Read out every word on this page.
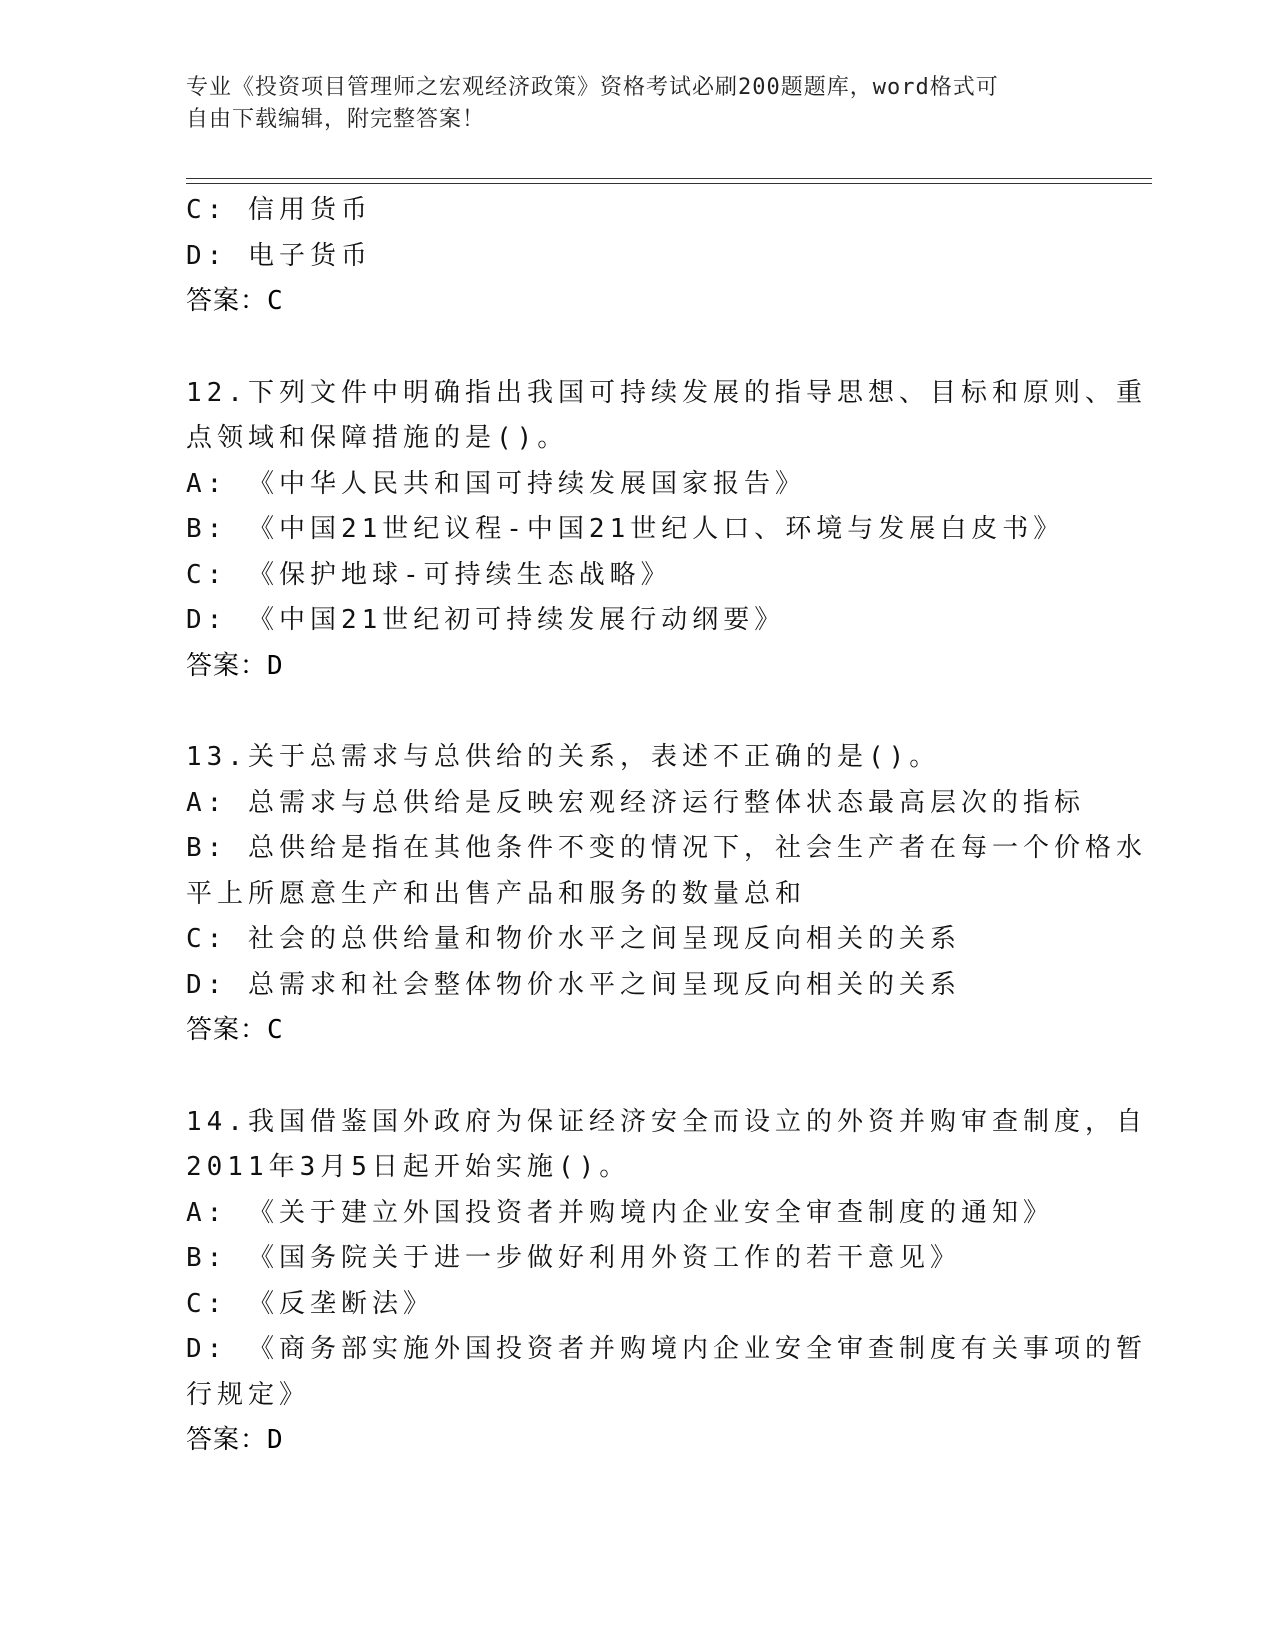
专业《投资项目管理师之宏观经济政策》资格考试必刷200题题库，word格式可
自由下载编辑，附完整答案！
C: 信用货币
D: 电子货币
答案：C
12.下列文件中明确指出我国可持续发展的指导思想、目标和原则、重
点领域和保障措施的是()。
A: 《中华人民共和国可持续发展国家报告》
B: 《中国21世纪议程-中国21世纪人口、环境与发展白皮书》
C: 《保护地球-可持续生态战略》
D: 《中国21世纪初可持续发展行动纲要》
答案：D
13.关于总需求与总供给的关系，表述不正确的是()。
A: 总需求与总供给是反映宏观经济运行整体状态最高层次的指标
B: 总供给是指在其他条件不变的情况下，社会生产者在每一个价格水
平上所愿意生产和出售产品和服务的数量总和
C: 社会的总供给量和物价水平之间呈现反向相关的关系
D: 总需求和社会整体物价水平之间呈现反向相关的关系
答案：C
14.我国借鉴国外政府为保证经济安全而设立的外资并购审查制度，自
2011年3月5日起开始实施()。
A: 《关于建立外国投资者并购境内企业安全审查制度的通知》
B: 《国务院关于进一步做好利用外资工作的若干意见》
C: 《反垄断法》
D: 《商务部实施外国投资者并购境内企业安全审查制度有关事项的暂
行规定》
答案：D
